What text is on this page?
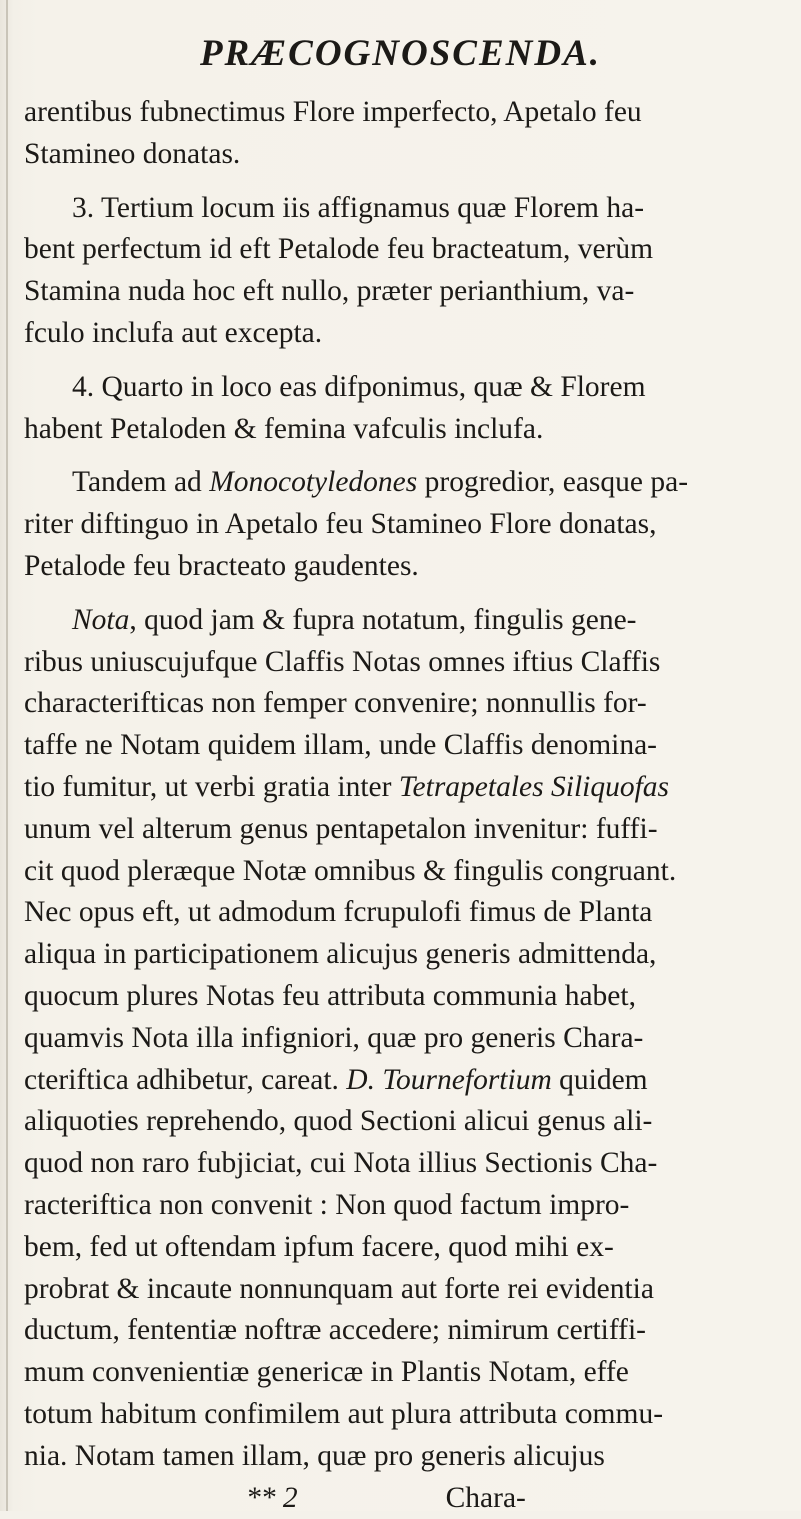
PRÆCOGNOSCENDA.
arentibus fubnectimus Flore imperfecto, Apetalo feu
Stamineo donatas.
3. Tertium locum iis affignamus quæ Florem ha-
bent perfectum id eft Petalode feu bracteatum, verùm
Stamina nuda hoc eft nullo, præter perianthium, va-
fculo inclufa aut excepta.
4. Quarto in loco eas difponimus, quæ & Florem
habent Petaloden & femina vafculis inclufa.
Tandem ad Monocotyledones progredior, easque pa-
riter diftinguo in Apetalo feu Stamineo Flore donatas,
Petalode feu bracteato gaudentes.
Nota, quod jam & fupra notatum, fingulis gene-
ribus uniuscujufque Claffis Notas omnes iftius Claffis
characterifticas non femper convenire; nonnullis for-
taffe ne Notam quidem illam, unde Claffis denomina-
tio fumitur, ut verbi gratia inter Tetrapetales Siliquofas
unum vel alterum genus pentapetalon invenitur: fuffi-
cit quod pleræque Notæ omnibus & fingulis congruant.
Nec opus eft, ut admodum fcrupulofi fimus de Planta
aliqua in participationem alicujus generis admittenda,
quocum plures Notas feu attributa communia habet,
quamvis Nota illa infigniori, quæ pro generis Chara-
cteriftica adhibetur, careat. D. Tournefortium quidem
aliquoties reprehendo, quod Sectioni alicui genus ali-
quod non raro fubjiciat, cui Nota illius Sectionis Cha-
racteriftica non convenit : Non quod factum impro-
bem, fed ut oftendam ipfum facere, quod mihi ex-
probrat & incaute nonnunquam aut forte rei evidentia
ductum, fententiæ noftræ accedere; nimirum certiffi-
mum convenientiæ genericæ in Plantis Notam, effe
totum habitum confimilem aut plura attributa commu-
nia. Notam tamen illam, quæ pro generis alicujus
** 2	Chara-
